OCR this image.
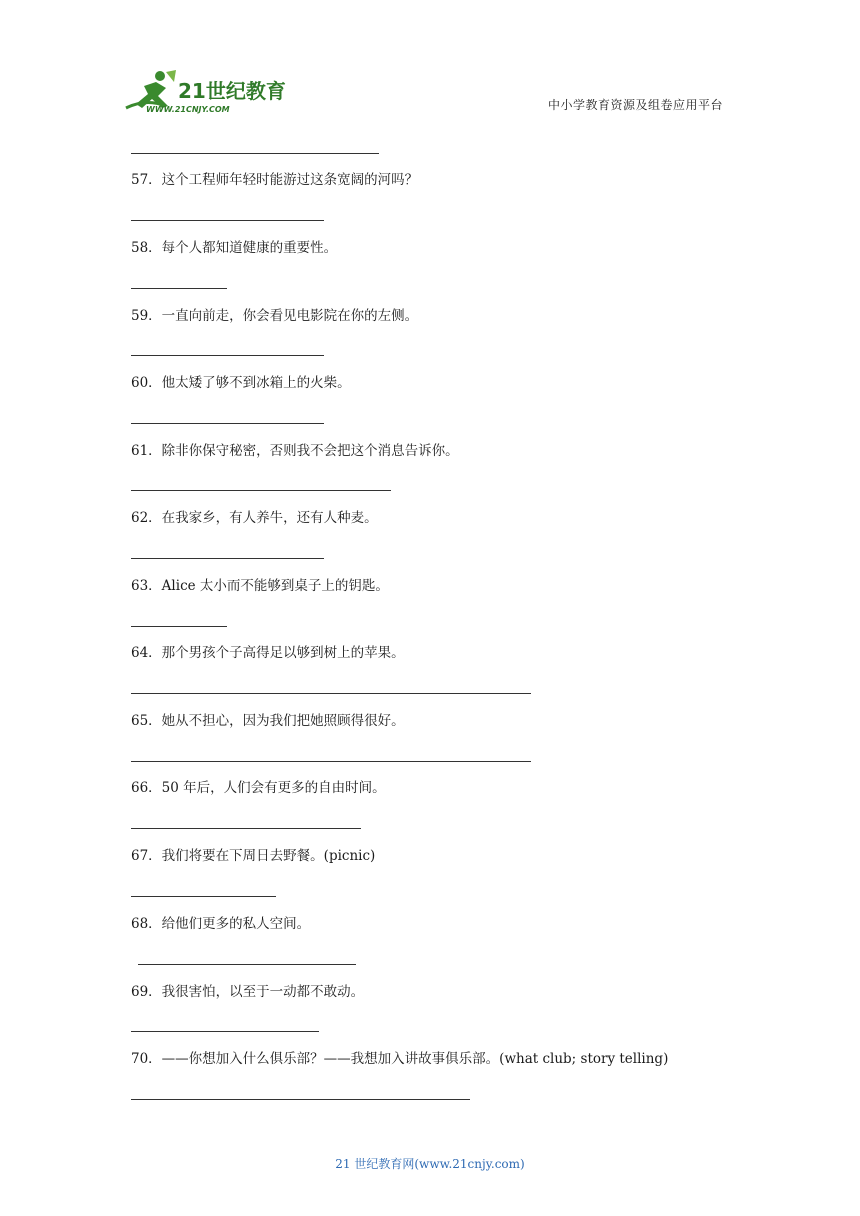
21世纪教育
WWW.21CNJY.COM	中小学教育资源及组卷应用平台
57．这个工程师年轻时能游过这条宽阔的河吗？
58．每个人都知道健康的重要性。
59．一直向前走，你会看见电影院在你的左侧。
60．他太矮了够不到冰箱上的火柴。
61．除非你保守秘密，否则我不会把这个消息告诉你。
62．在我家乡，有人养牛，还有人种麦。
63．Alice 太小而不能够到桌子上的钥匙。
64．那个男孩个子高得足以够到树上的苹果。
65．她从不担心，因为我们把她照顾得很好。
66．50 年后，人们会有更多的自由时间。
67．我们将要在下周日去野餐。(picnic)
68．给他们更多的私人空间。
69．我很害怕，以至于一动都不敢动。
70．——你想加入什么俱乐部？——我想加入讲故事俱乐部。(what club; story telling)
21 世纪教育网(www.21cnjy.com)
